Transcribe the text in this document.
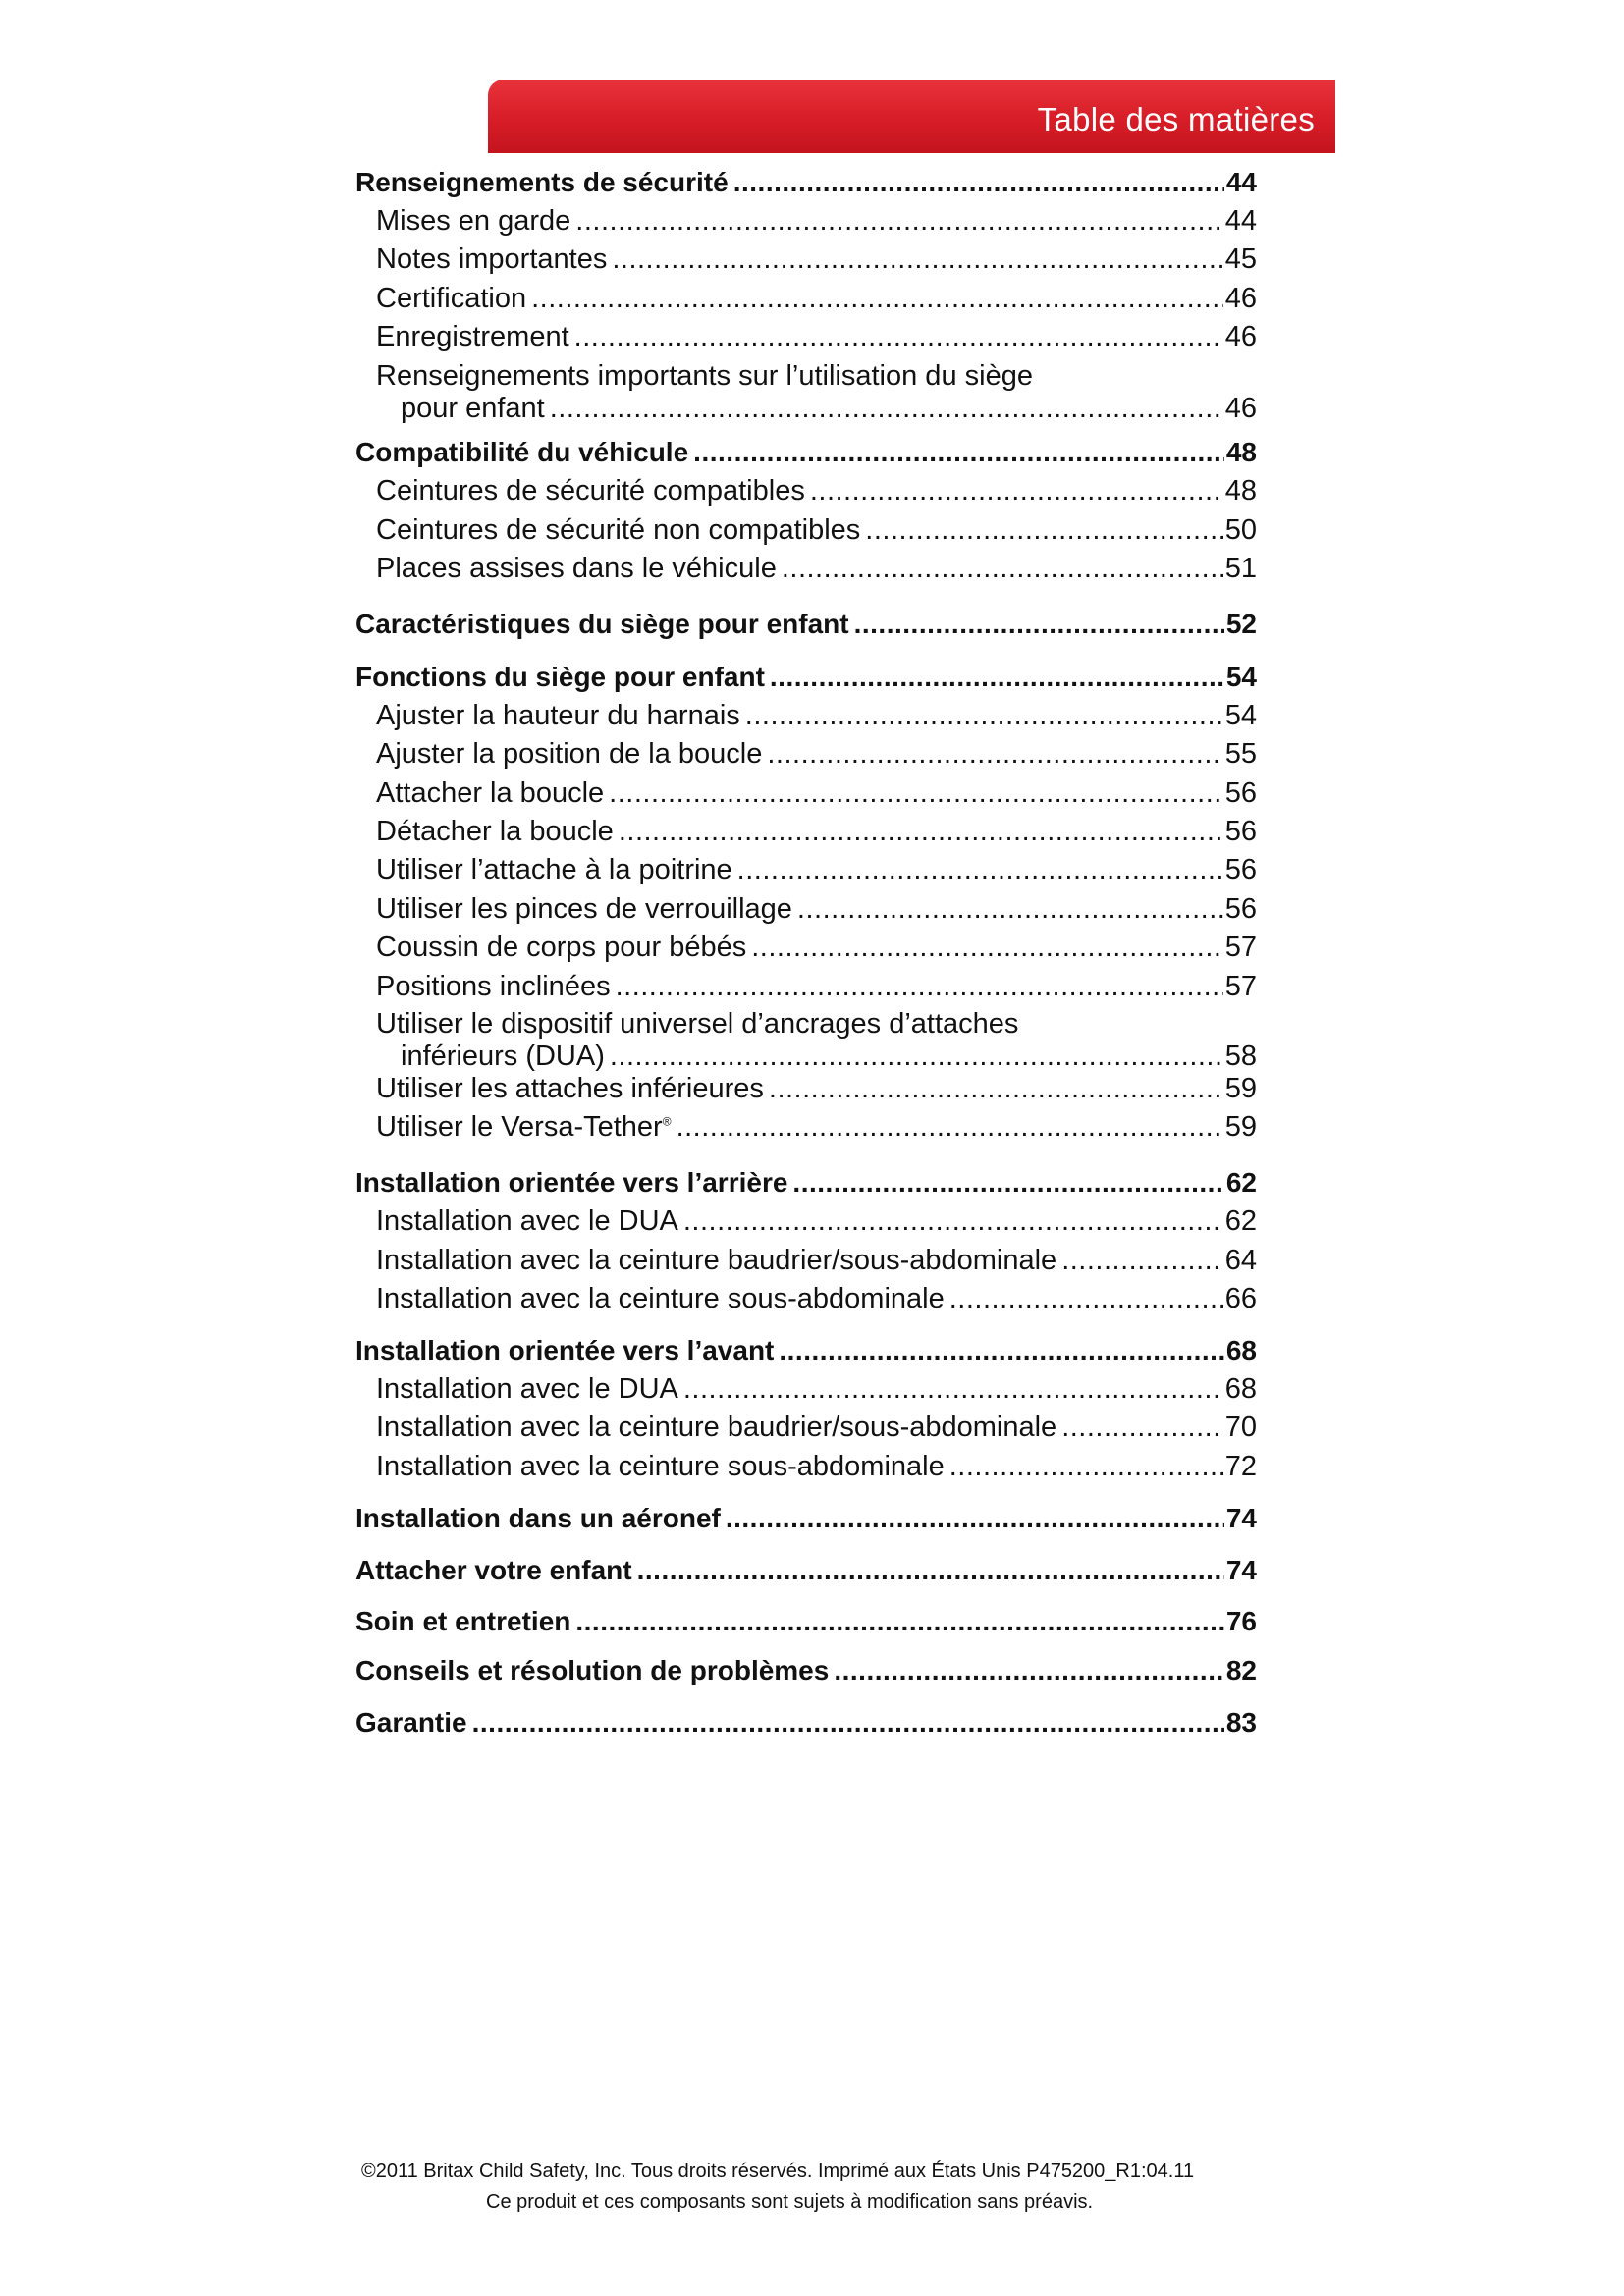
Table des matières
Renseignements de sécurité .....	44
Mises en garde .....	44
Notes importantes .....	45
Certification .....	46
Enregistrement .....	46
Renseignements importants sur l’utilisation du siège
pour enfant .....	46
Compatibilité du véhicule .....	48
Ceintures de sécurité compatibles .....	48
Ceintures de sécurité non compatibles .....	50
Places assises dans le véhicule .....	51
Caractéristiques du siège pour enfant .....	52
Fonctions du siège pour enfant .....	54
Ajuster la hauteur du harnais .....	54
Ajuster la position de la boucle .....	55
Attacher la boucle .....	56
Détacher la boucle .....	56
Utiliser l’attache à la poitrine .....	56
Utiliser les pinces de verrouillage .....	56
Coussin de corps pour bébés .....	57
Positions inclinées .....	57
Utiliser le dispositif universel d’ancrages d’attaches
inférieurs (DUA) .....	58
Utiliser les attaches inférieures .....	59
Utiliser le Versa-Tether® .....	59
Installation orientée vers l’arrière .....	62
Installation avec le DUA .....	62
Installation avec la ceinture baudrier/sous-abdominale .....	64
Installation avec la ceinture sous-abdominale .....	66
Installation orientée vers l’avant .....	68
Installation avec le DUA .....	68
Installation avec la ceinture baudrier/sous-abdominale .....	70
Installation avec la ceinture sous-abdominale .....	72
Installation dans un aéronef .....	74
Attacher votre enfant .....	74
Soin et entretien .....	76
Conseils et résolution de problèmes .....	82
Garantie .....	83
©2011 Britax Child Safety, Inc. Tous droits réservés. Imprimé aux États Unis P475200_R1:04.11
Ce produit et ces composants sont sujets à modification sans préavis.
